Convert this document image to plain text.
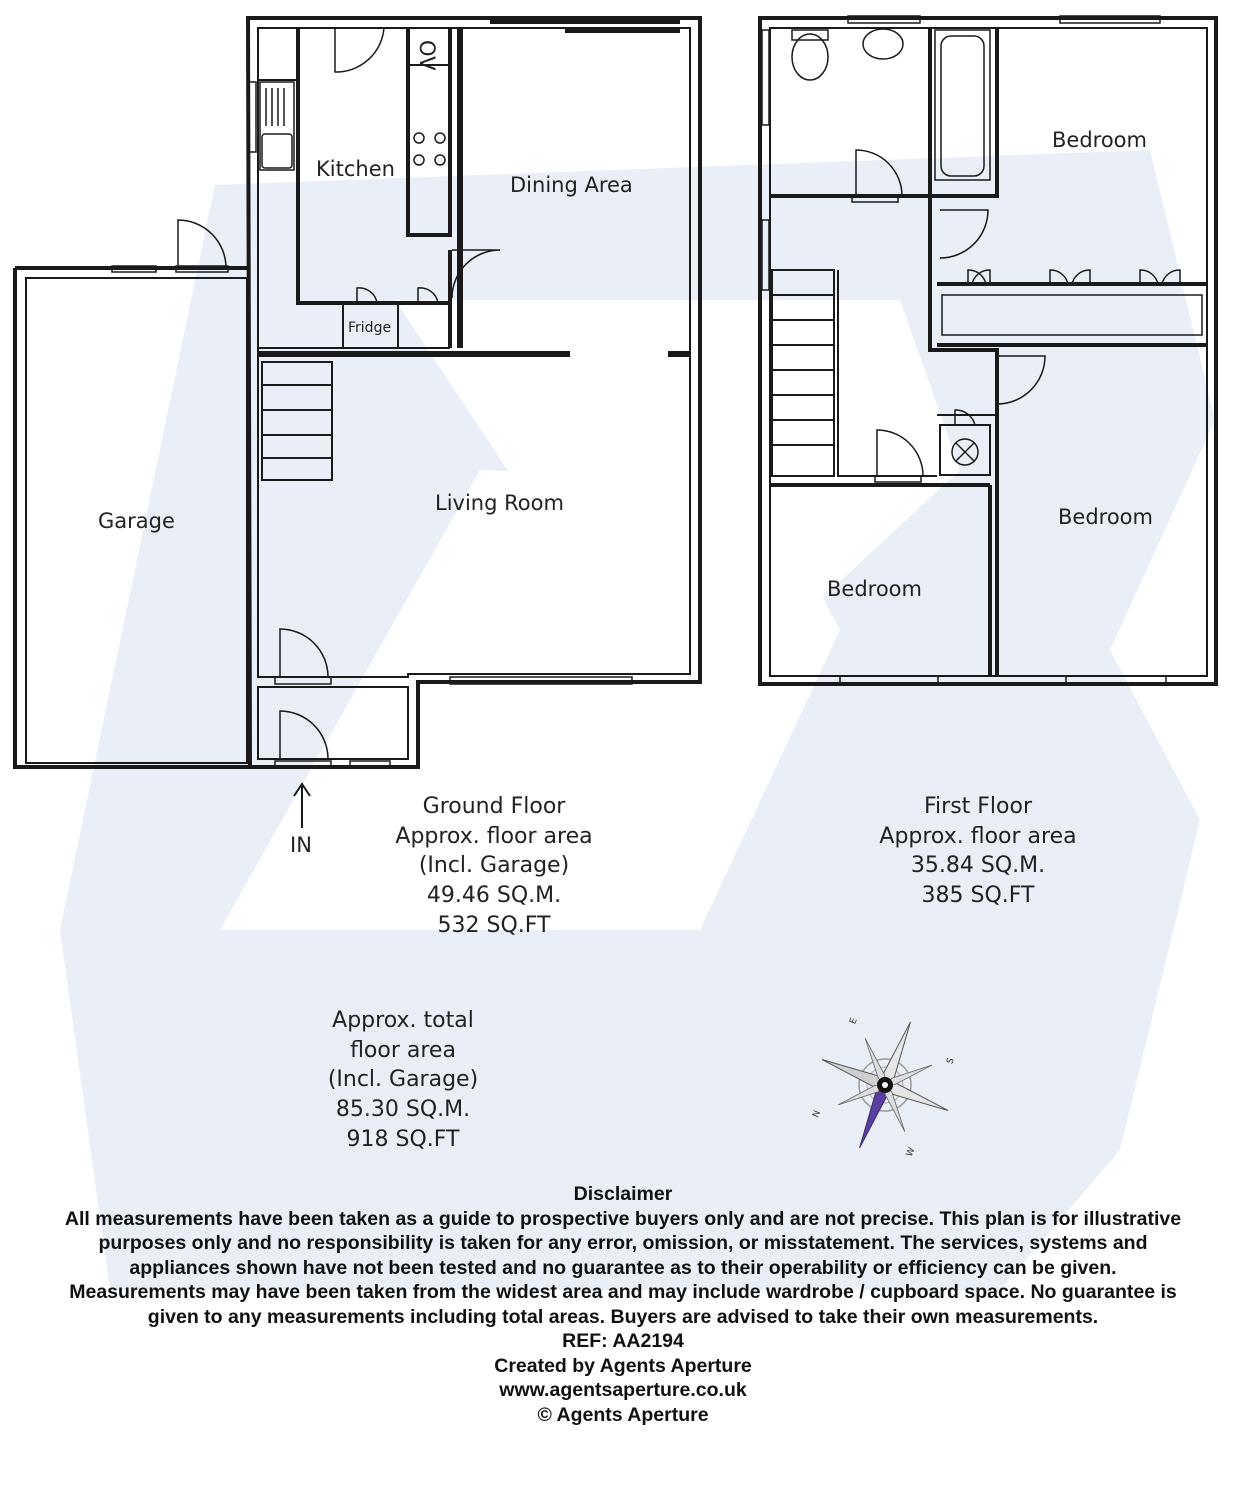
Kitchen
Dining Area
Fridge
OV
Living Room
Garage
IN
Bedroom
Bedroom
Bedroom
Ground Floor
Approx. floor area
(Incl. Garage)
49.46 SQ.M.
532 SQ.FT
First Floor
Approx. floor area
35.84 SQ.M.
385 SQ.FT
Approx. total
floor area
(Incl. Garage)
85.30 SQ.M.
918 SQ.FT
N
E
S
W
Disclaimer
All measurements have been taken as a guide to prospective buyers only and are not precise. This plan is for illustrative purposes only and no responsibility is taken for any error, omission, or misstatement. The services, systems and appliances shown have not been tested and no guarantee as to their operability or efficiency can be given. Measurements may have been taken from the widest area and may include wardrobe / cupboard space. No guarantee is given to any measurements including total areas. Buyers are advised to take their own measurements.
REF: AA2194
Created by Agents Aperture
www.agentsaperture.co.uk
© Agents Aperture
